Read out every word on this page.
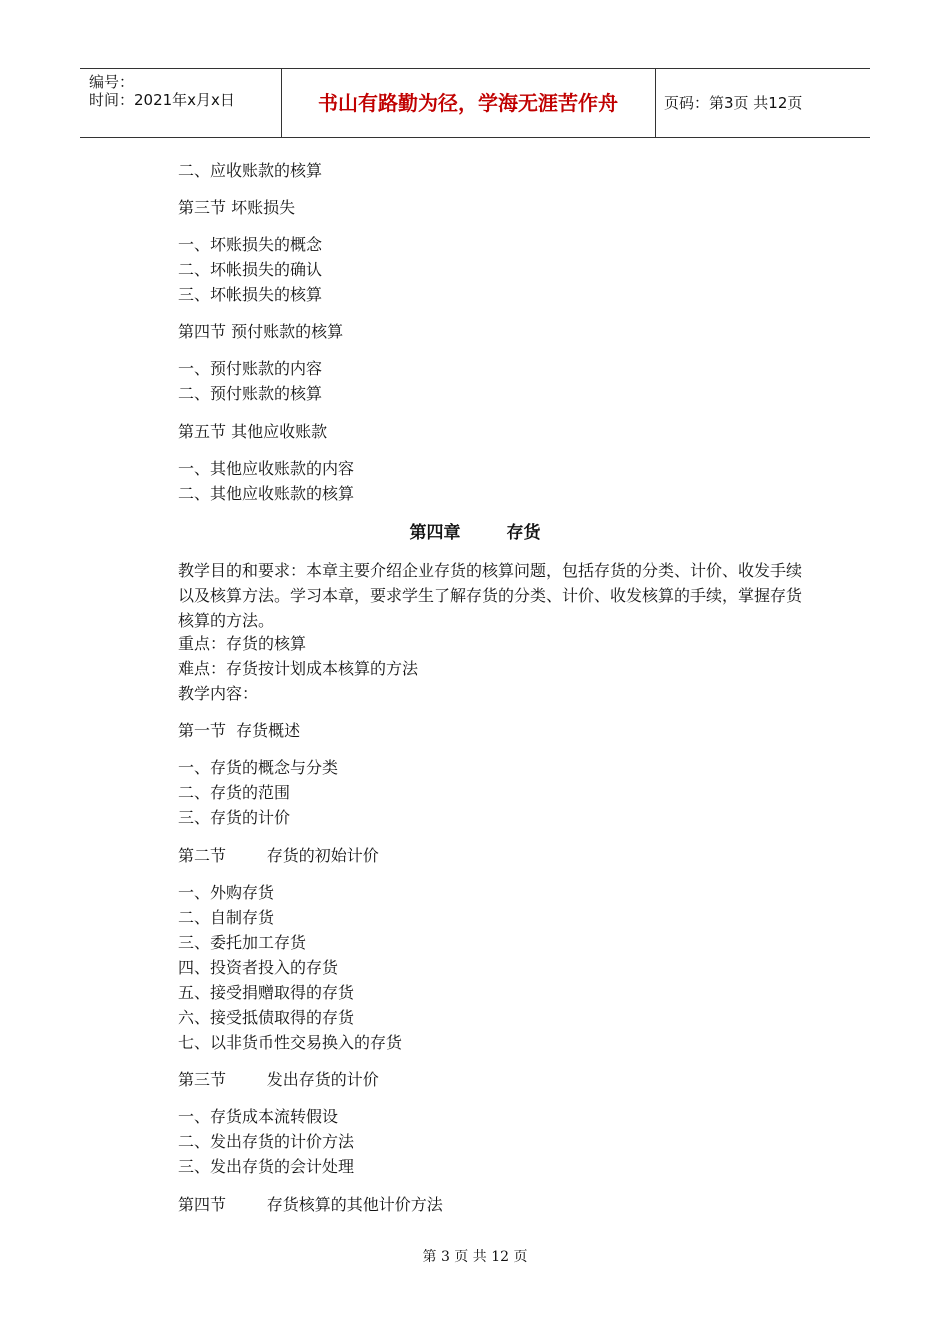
编号：
时间：2021年x月x日	书山有路勤为径，学海无涯苦作舟	页码：第3页 共12页
二、应收账款的核算
第三节 坏账损失
一、坏账损失的概念
二、坏帐损失的确认
三、坏帐损失的核算
第四节 预付账款的核算
一、预付账款的内容
二、预付账款的核算
第五节 其他应收账款
一、其他应收账款的内容
二、其他应收账款的核算
第四章	存货
教学目的和要求：本章主要介绍企业存货的核算问题，包括存货的分类、计价、收发手续以及核算方法。学习本章，要求学生了解存货的分类、计价、收发核算的手续，掌握存货核算的方法。
重点：存货的核算
难点：存货按计划成本核算的方法
教学内容：
第一节  存货概述
一、存货的概念与分类
二、存货的范围
三、存货的计价
第二节        存货的初始计价
一、外购存货
二、自制存货
三、委托加工存货
四、投资者投入的存货
五、接受捐赠取得的存货
六、接受抵债取得的存货
七、以非货币性交易换入的存货
第三节        发出存货的计价
一、存货成本流转假设
二、发出存货的计价方法
三、发出存货的会计处理
第四节        存货核算的其他计价方法
第 3 页 共 12 页
